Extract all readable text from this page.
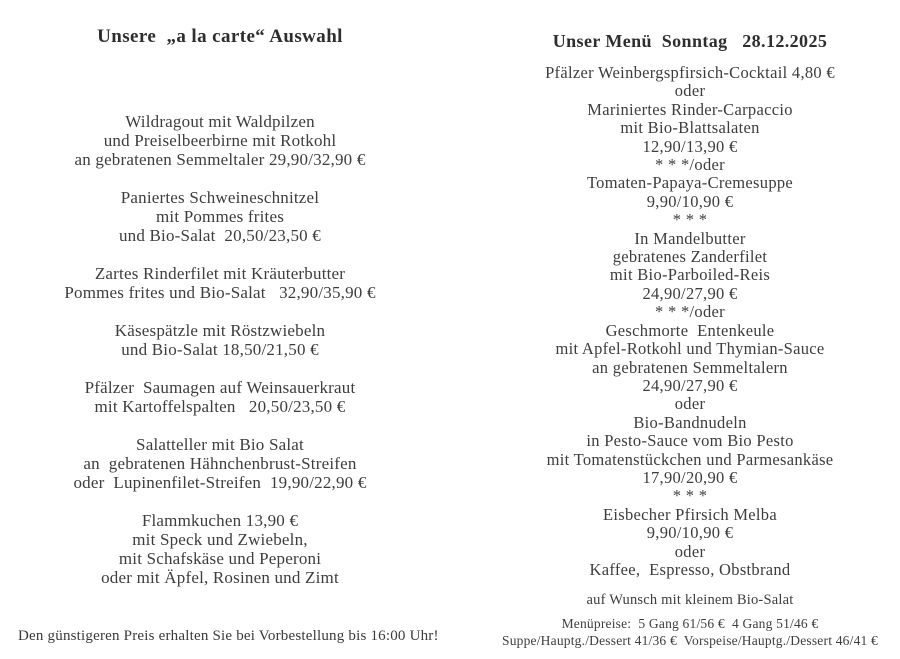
Unsere  „a la carte“ Auswahl
Wildragout mit Waldpilzen
und Preiselbeerbirne mit Rotkohl
an gebratenen Semmeltaler 29,90/32,90 €
Paniertes Schweineschnitzel
mit Pommes frites
und Bio-Salat  20,50/23,50 €
Zartes Rinderfilet mit Kräuterbutter
Pommes frites und Bio-Salat   32,90/35,90 €
Käsespätzle mit Röstzwiebeln
und Bio-Salat 18,50/21,50 €
Pfälzer  Saumagen auf Weinsauerkraut
mit Kartoffelspalten   20,50/23,50 €
Salatteller mit Bio Salat
an  gebratenen Hähnchenbrust-Streifen
oder  Lupinenfilet-Streifen  19,90/22,90 €
Flammkuchen 13,90 €
mit Speck und Zwiebeln,
mit Schafskäse und Peperoni
oder mit Äpfel, Rosinen und Zimt
Unser Menü  Sonntag   28.12.2025
Pfälzer Weinbergspfirsich-Cocktail 4,80 €
oder
Mariniertes Rinder-Carpaccio
mit Bio-Blattsalaten
12,90/13,90 €
* * */oder
Tomaten-Papaya-Cremesuppe
9,90/10,90 €
* * *
In Mandelbutter
gebratenes Zanderfilet
mit Bio-Parboiled-Reis
24,90/27,90 €
* * */oder
Geschmorte  Entenkeule
mit Apfel-Rotkohl und Thymian-Sauce
an gebratenen Semmeltalern
24,90/27,90 €
oder
Bio-Bandnudeln
in Pesto-Sauce vom Bio Pesto
mit Tomatenstückchen und Parmesankäse
17,90/20,90 €
* * *
Eisbecher Pfirsich Melba
9,90/10,90 €
oder
Kaffee,  Espresso, Obstbrand
auf Wunsch mit kleinem Bio-Salat
Menüpreise:  5 Gang 61/56 €  4 Gang 51/46 €
Suppe/Hauptg./Dessert 41/36 €  Vorspeise/Hauptg./Dessert 46/41 €
Den günstigeren Preis erhalten Sie bei Vorbestellung bis 16:00 Uhr!
